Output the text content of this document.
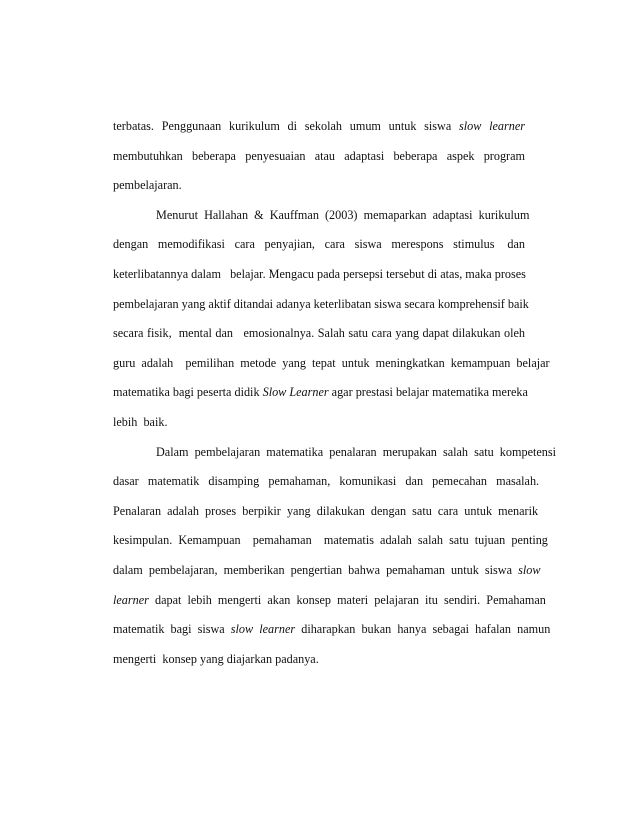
terbatas.  Penggunaan  kurikulum  di  sekolah  umum  untuk  siswa  slow  learner
membutuhkan   beberapa   penyesuaian   atau   adaptasi   beberapa   aspek   program
pembelajaran.
Menurut  Hallahan  &  Kauffman  (2003)  memaparkan  adaptasi  kurikulum
dengan   memodifikasi   cara   penyajian,   cara   siswa   merespons   stimulus    dan
keterlibatannya dalam   belajar. Mengacu pada persepsi tersebut di atas, maka proses
pembelajaran yang aktif ditandai adanya keterlibatan siswa secara komprehensif baik
secara fisik,  mental dan   emosionalnya. Salah satu cara yang dapat dilakukan oleh
guru  adalah    pemilihan  metode  yang  tepat  untuk  meningkatkan  kemampuan  belajar
matematika bagi peserta didik Slow Learner agar prestasi belajar matematika mereka
lebih  baik.
Dalam  pembelajaran  matematika  penalaran  merupakan  salah  satu  kompetensi
dasar   matematik   disamping   pemahaman,   komunikasi   dan   pemecahan   masalah.
Penalaran  adalah  proses  berpikir  yang  dilakukan  dengan  satu  cara  untuk  menarik
kesimpulan.  Kemampuan    pemahaman    matematis  adalah  salah  satu  tujuan  penting
dalam  pembelajaran,  memberikan  pengertian  bahwa  pemahaman  untuk  siswa  slow
learner  dapat  lebih  mengerti  akan  konsep  materi  pelajaran  itu  sendiri.  Pemahaman
matematik  bagi  siswa  slow  learner  diharapkan  bukan  hanya  sebagai  hafalan  namun
mengerti  konsep yang diajarkan padanya.
